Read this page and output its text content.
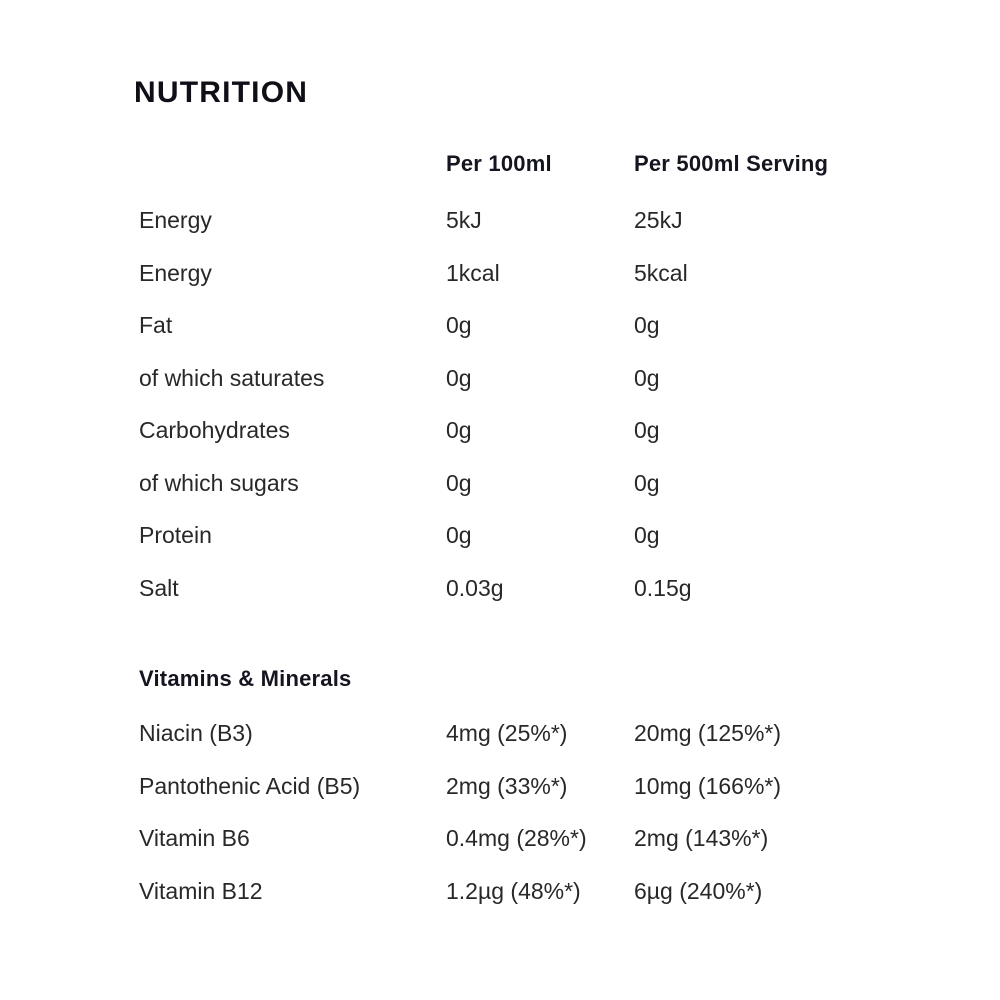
NUTRITION
Per 100ml	Per 500ml Serving
Energy	5kJ	25kJ
Energy	1kcal	5kcal
Fat	0g	0g
of which saturates	0g	0g
Carbohydrates	0g	0g
of which sugars	0g	0g
Protein	0g	0g
Salt	0.03g	0.15g
Vitamins & Minerals
Niacin (B3)	4mg (25%*)	20mg (125%*)
Pantothenic Acid (B5)	2mg (33%*)	10mg (166%*)
Vitamin B6	0.4mg (28%*)	2mg (143%*)
Vitamin B12	1.2µg (48%*)	6µg (240%*)
